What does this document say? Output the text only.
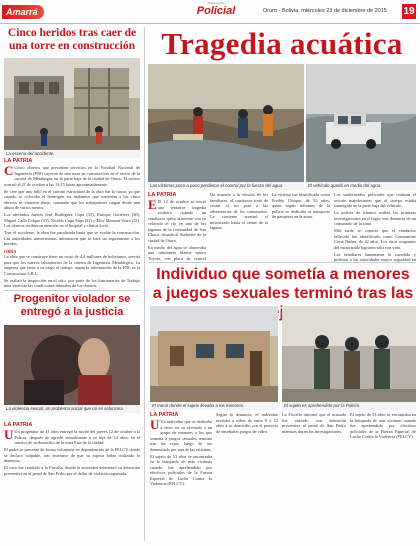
Amarrá
Suplemento
Policial	Oruro - Bolivia, miércoles 23 de diciembre de 2015 19
Cinco heridos tras caer de una torre en construcción
La escena del accidente.
LA PATRIA

C Cinco obreros que prestaban servicios en la Facultad Nacional de Ingeniería (FNI) cayeron de una torre en construcción en el sector de la carrera de Metalurgia, en la parte baja de la ciudad de Oruro. El suceso ocurrió el 21 de octubre a las 13:15 horas aproximadamente.

Se cree que uno falló en el calculo estructural de la obra fue la causa; ya que cuando se colocaba el hormigón los andamios que sostenían a los cinco obreros se vinieron abajo, causando que los trabajadores caigan desde una altura de varios metros.

Los afectados fueron José Rodríguez Copa (33), Enrique Gutiérrez (30), Miguel Calla Colque (31), Nicolás Copa Sirpi (21) y Eloy Mamani Vorra (32). Los obreros recibieron atención en el hospital y clínica local.

Tras el accidente, la obra fue paralizada hasta que se evalúe la construcción. Las autoridades universitarias informaron que se hará un seguimiento a los heridos.

OBRA

La obra que se construye tiene un costo de 4,4 millones de bolivianos, servirá para que los nuevos laboratorios de la carrera de Ingeniería Metalúrgica. La empresa que tiene a su cargo el trabajo, según la información de la FNI, es la Constructora S.R.L.

Se realizó la inspección en el sitio, por parte de los funcionarios de Trabajo para verificar las condiciones laborales de los obreros.

Tragedia acuática
Las víctimas poco a poco perdieron el control por la fuerza del agua.	El vehículo quedó en medio del agua.
LA PATRIA

E El 12 de octubre se inició una tentativa tragedia acuática cuando un conductor quiso atravesar con su vehículo el río en una de las lagunas de la comunidad de San Chaca, situada al Sudoeste de la ciudad de Oruro.

En medio del agua se observaba una camioneta blanca marca Toyota, con placa de control

De acuerdo a la versión de los familiares, el conductor trató de cruzar el río pese a las advertencias de los comunarios. La corriente arrastró el motorizado hasta el centro de la laguna.

La víctima fue identificada como Freddy Choque, de 35 años, quien según informes de la policía se dedicaba al transporte de pasajeros en la zona.

Los uniformados policiales que realizan el rescate manifestaron que el cuerpo estaba sumergido en la parte baja del vehículo.

La policía de tránsito realizó las primeras investigaciones en el lugar, tras denuncia de un comunario de la zona.

Más tarde se conoció que el conductor fallecido fue identificado como Constantino Coria Nuñez, de 42 años. Los otros ocupantes del motorizado lograron salir con vida.

Los familiares lamentaron lo sucedido y pidieron a las autoridades mayor seguridad en

Individuo que sometía a menores a juegos sexuales terminó tras las
El moral donde el sujeto llevaba a los menores.	El sujeto es aprehendido por la Policía.
LA PATRIA

U Un individuo que se dedicaba a tener en su vivienda a un grupo de menores a los que sometía a juegos sexuales terminó tras las rejas, luego de ser denunciado por una de las víctimas.

El sujeto de 53 años se encontraba en la búsqueda de más víctimas cuando fue aprehendido por efectivos policiales de la Fuerza Especial de Lucha Contra la Violencia (FELCV).

Según la denuncia, el individuo invitaba a niños de entre 8 y 12 años a su domicilio con el pretexto de enseñarles juegos de video.

La Fiscalía informó que el acusado fue enviado con detención preventiva al penal de San Pedro mientras duran las investigaciones.

El sujeto de 53 años se encontraba en la búsqueda de más víctimas cuando fue aprehendido por efectivos policiales de la Fuerza Especial de Lucha Contra la Violencia (FELCV).

Progenitor violador se entregó a la justicia
La violencia sexual, un problema social que no se soluciona.
LA PATRIA

U Un progenitor de 41 años entregó la noche del jueves 12 de octubre a la Policía, después de agredir sexualmente a su hija de 14 años, en el interior de su domicilio de la zona Este de la ciudad.

El padre se presentó de forma voluntaria en dependencias de la FELCV donde se declaró culpable, tras enterarse de que su esposa había realizado la denuncia.

El caso fue remitido a la Fiscalía, donde la autoridad determinó su detención preventiva en el penal de San Pedro por el delito de violación agravada.
